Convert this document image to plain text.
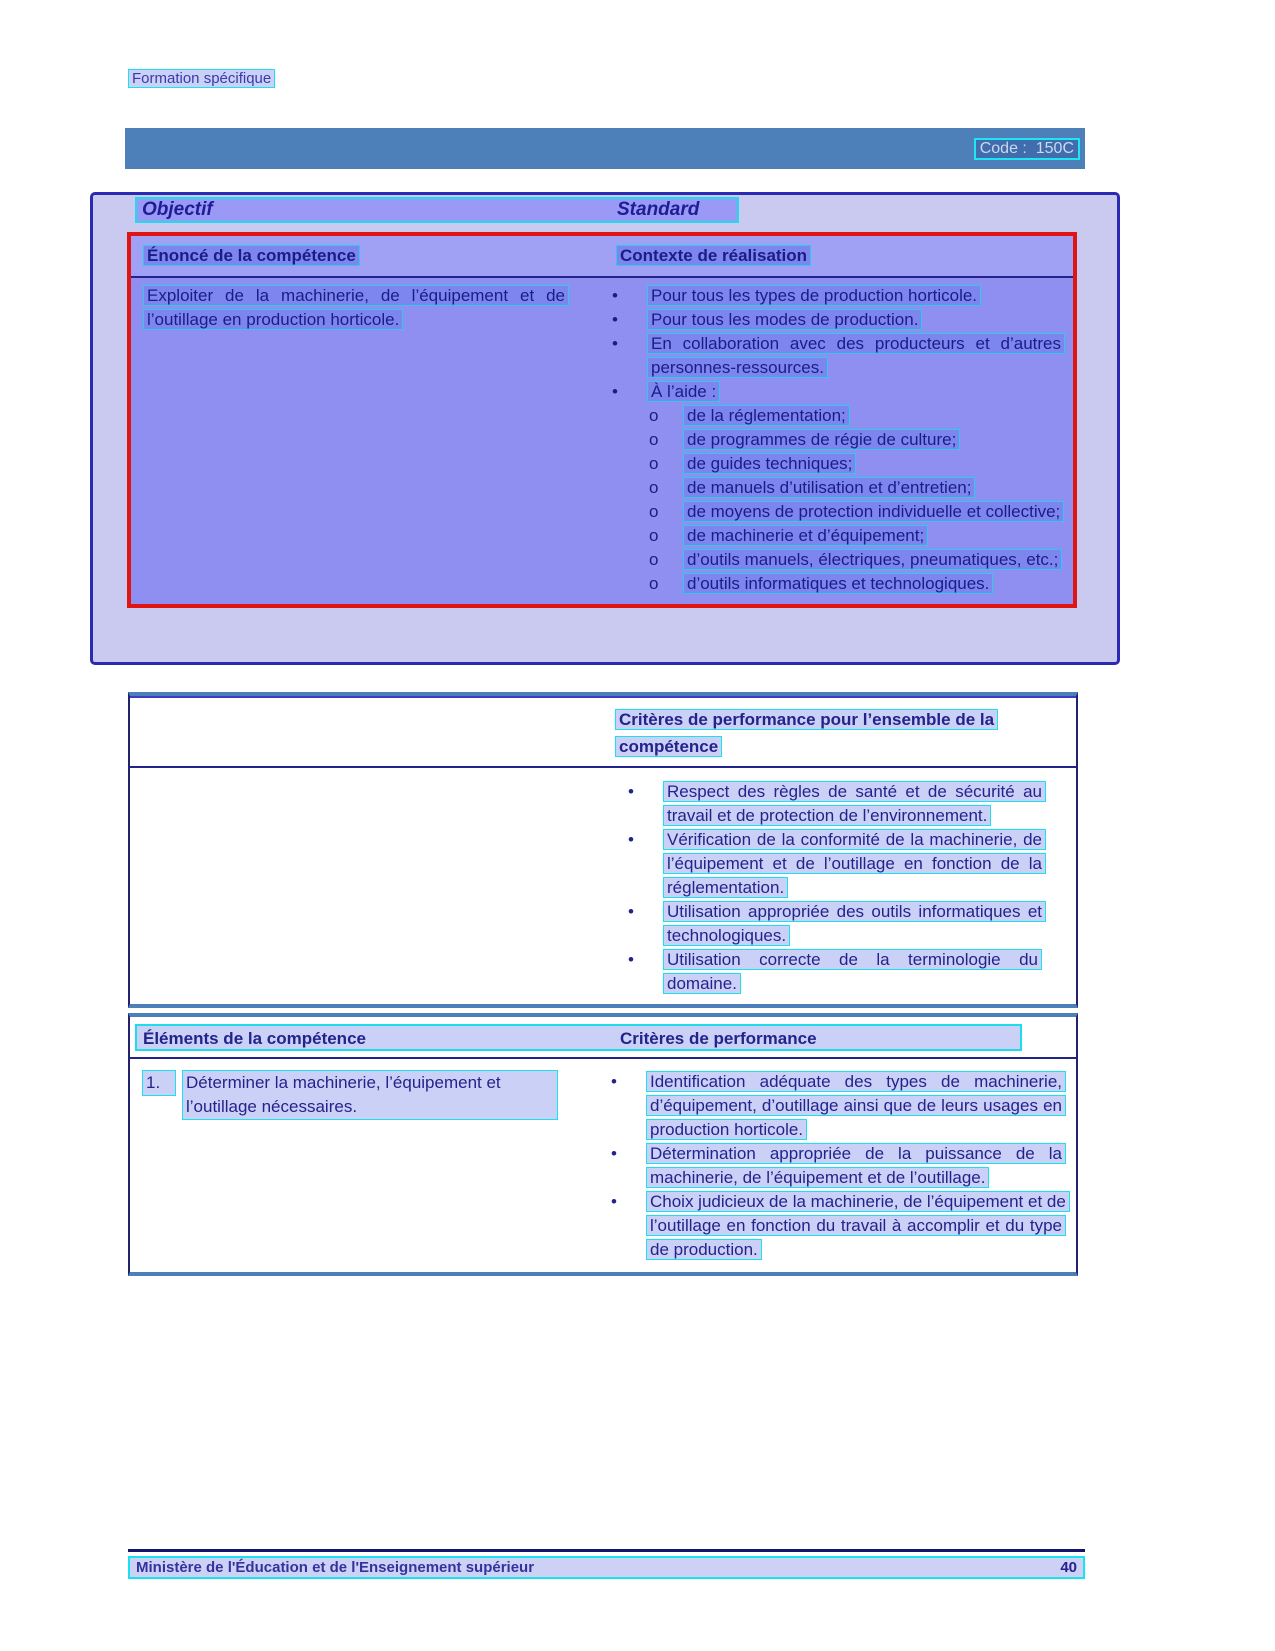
Formation spécifique
Code :  150C
Objectif	Standard
Énoncé de la compétence	Contexte de réalisation
Exploiter de la machinerie, de l’équipement et de l’outillage en production horticole.
• Pour tous les types de production horticole.
• Pour tous les modes de production.
• En collaboration avec des producteurs et d’autres personnes-ressources.
• À l’aide :
o de la réglementation;
o de programmes de régie de culture;
o de guides techniques;
o de manuels d’utilisation et d’entretien;
o de moyens de protection individuelle et collective;
o de machinerie et d’équipement;
o d’outils manuels, électriques, pneumatiques, etc.;
o d’outils informatiques et technologiques.
Critères de performance pour l’ensemble de la compétence
• Respect des règles de santé et de sécurité au travail et de protection de l’environnement.
• Vérification de la conformité de la machinerie, de l’équipement et de l’outillage en fonction de la réglementation.
• Utilisation appropriée des outils informatiques et technologiques.
• Utilisation correcte de la terminologie du domaine.
Éléments de la compétence	Critères de performance
1. Déterminer la machinerie, l’équipement et l’outillage nécessaires.
• Identification adéquate des types de machinerie, d’équipement, d’outillage ainsi que de leurs usages en production horticole.
• Détermination appropriée de la puissance de la machinerie, de l’équipement et de l’outillage.
• Choix judicieux de la machinerie, de l’équipement et de l’outillage en fonction du travail à accomplir et du type de production.
Ministère de l'Éducation et de l'Enseignement supérieur	40
